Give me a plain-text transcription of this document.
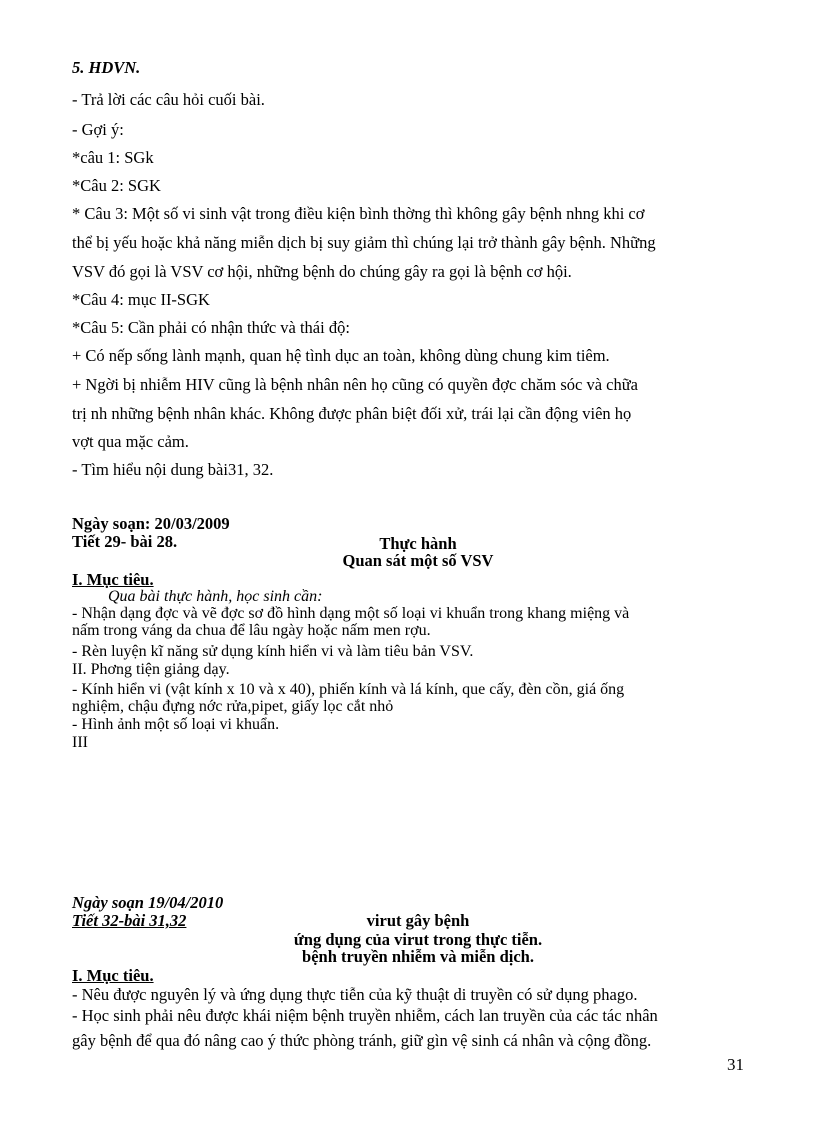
5. HDVN.
- Trả lời các câu hỏi cuối bài.
- Gợi ý:
*câu 1: SGk
*Câu 2: SGK
* Câu 3: Một số vi sinh vật trong điều kiện bình thờng thì không gây bệnh nhng khi cơ
thể bị yếu hoặc khả năng miễn dịch bị suy giảm thì chúng lại trở thành gây bệnh. Những
VSV đó gọi là VSV cơ hội, những bệnh do chúng gây ra gọi là bệnh cơ hội.
*Câu 4: mục II-SGK
*Câu 5: Cần phải có nhận thức và thái độ:
+ Có nếp sống lành mạnh, quan hệ tình dục an toàn, không dùng chung kim tiêm.
+ Ngời bị nhiễm HIV cũng là bệnh nhân nên họ cũng có quyền đợc chăm sóc và chữa
trị nh những bệnh nhân khác. Không được phân biệt đối xử, trái lại cần động viên họ
vợt qua mặc cảm.
- Tìm hiểu nội dung bài31, 32.
Ngày soạn: 20/03/2009
Tiết 29- bài 28.	Thực hành
Quan sát một số VSV
I. Mục tiêu.
Qua bài thực hành, học sinh cần:
- Nhận dạng đợc và vẽ đợc sơ đồ hình dạng một số loại vi khuẩn trong khang miệng và
nấm trong váng da chua để lâu ngày hoặc nấm men rợu.
- Rèn luyện kĩ năng sử dụng kính hiển vi và làm tiêu bản VSV.
II. Phơng tiện giảng dạy.
- Kính hiển vi (vật kính x 10 và x 40), phiến kính và lá kính, que cấy, đèn cồn, giá ống
nghiệm, chậu đựng nớc rửa,pipet, giấy lọc cắt nhỏ
- Hình ảnh một số loại vi khuẩn.
III
Ngày soạn 19/04/2010
Tiết 32-bài 31,32	virut gây bệnh
ứng dụng của virut trong thực tiễn.
bệnh truyền nhiễm và miễn dịch.
I. Mục tiêu.
- Nêu được nguyên lý và ứng dụng thực tiễn của kỹ thuật di truyền có sử dụng phago.
- Học sinh phải nêu được khái niệm bệnh truyền nhiễm, cách lan truyền của các tác nhân
gây bệnh để qua đó nâng cao ý thức phòng tránh, giữ gìn vệ sinh cá nhân và cộng đồng.
31
